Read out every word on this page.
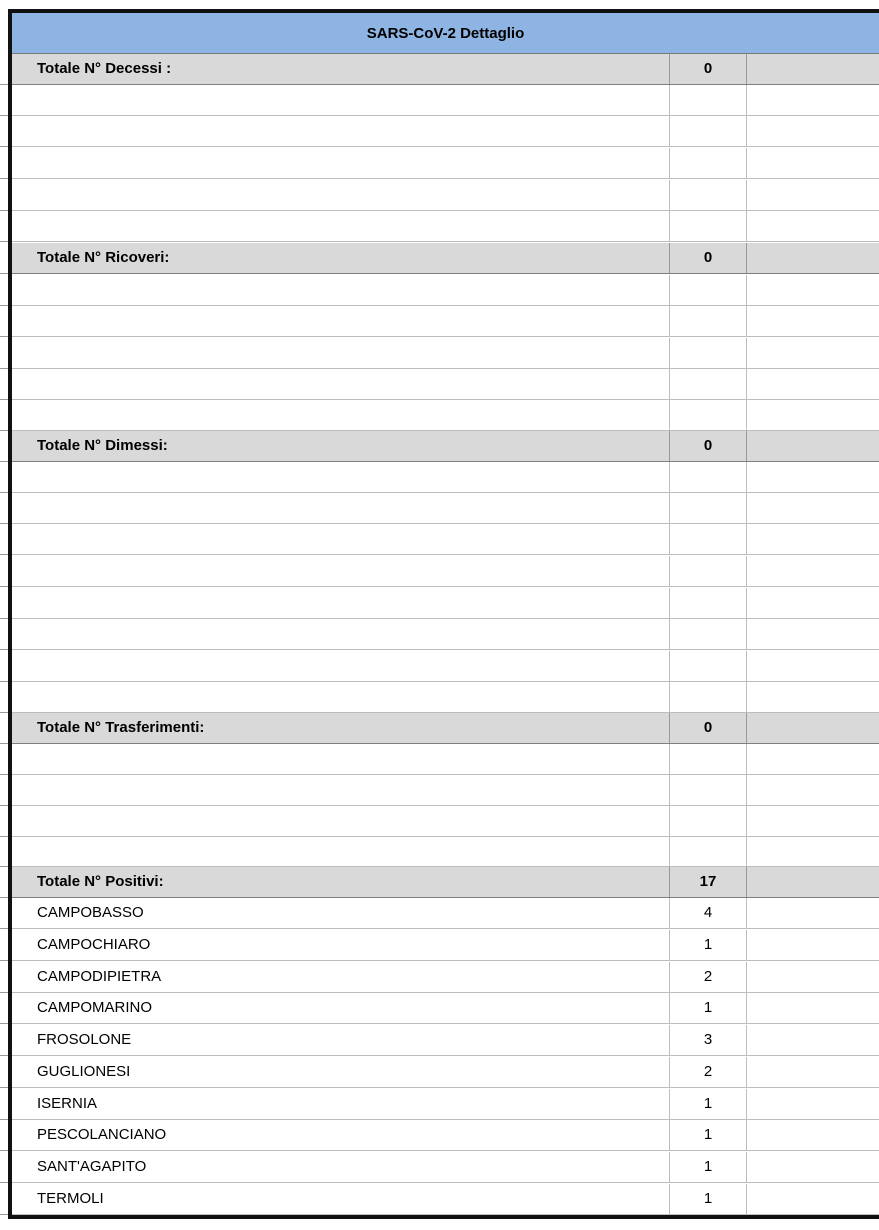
SARS-CoV-2 Dettaglio
Totale N° Decessi :	0
Totale N° Ricoveri:	0
Totale N° Dimessi:	0
Totale N° Trasferimenti:	0
Totale N° Positivi:	17
CAMPOBASSO	4
CAMPOCHIARO	1
CAMPODIPIETRA	2
CAMPOMARINO	1
FROSOLONE	3
GUGLIONESI	2
ISERNIA	1
PESCOLANCIANO	1
SANT'AGAPITO	1
TERMOLI	1
